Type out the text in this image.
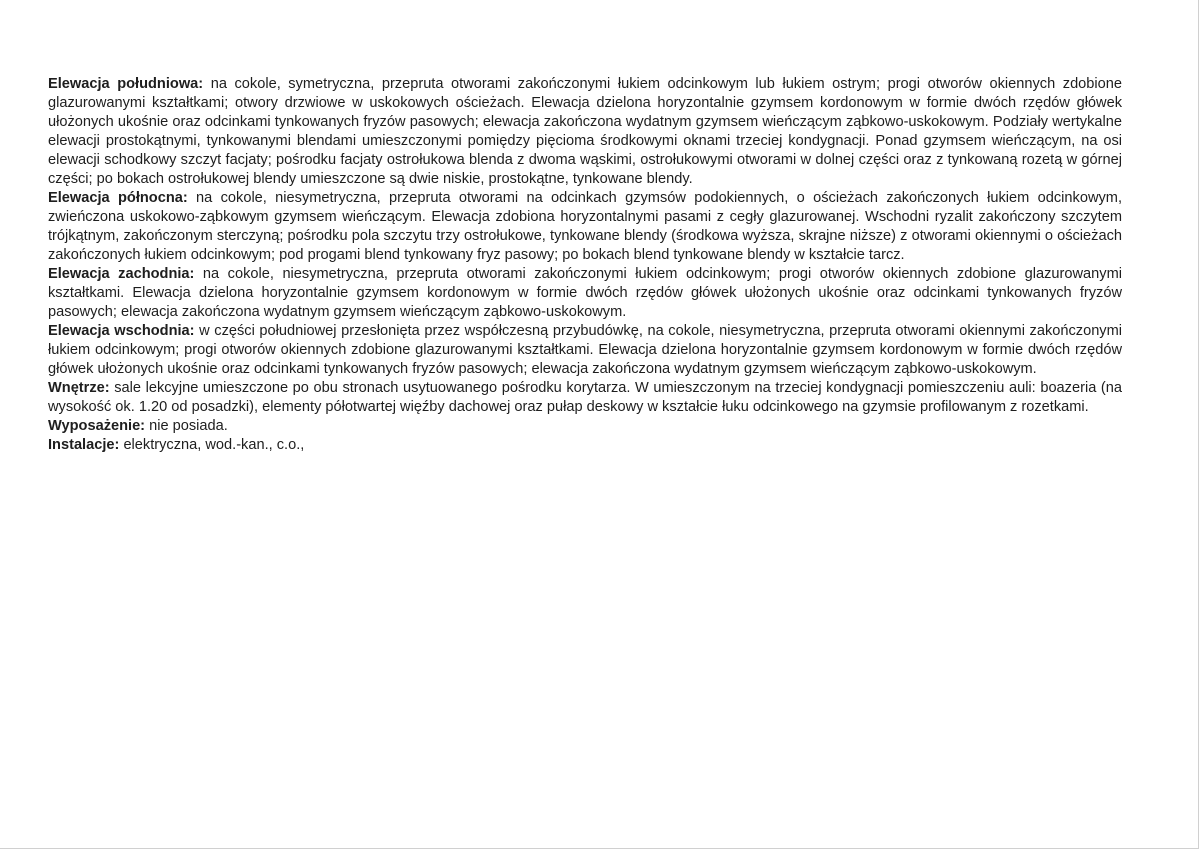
Elewacja południowa: na cokole, symetryczna, przepruta otworami zakończonymi łukiem odcinkowym lub łukiem ostrym; progi otworów okiennych zdobione glazurowanymi kształtkami; otwory drzwiowe w uskokowych ościeżach. Elewacja dzielona horyzontalnie gzymsem kordonowym w formie dwóch rzędów główek ułożonych ukośnie oraz odcinkami tynkowanych fryzów pasowych; elewacja zakończona wydatnym gzymsem wieńczącym ząbkowo-uskokowym. Podziały wertykalne elewacji prostokątnymi, tynkowanymi blendami umieszczonymi pomiędzy pięcioma środkowymi oknami trzeciej kondygnacji. Ponad gzymsem wieńczącym, na osi elewacji schodkowy szczyt facjaty; pośrodku facjaty ostrołukowa blenda z dwoma wąskimi, ostrołukowymi otworami w dolnej części oraz z tynkowaną rozetą w górnej części; po bokach ostrołukowej blendy umieszczone są dwie niskie, prostokątne, tynkowane blendy.

Elewacja północna: na cokole, niesymetryczna, przepruta otworami na odcinkach gzymsów podokiennych, o ościeżach zakończonych łukiem odcinkowym, zwieńczona uskokowo-ząbkowym gzymsem wieńczącym. Elewacja zdobiona horyzontalnymi pasami z cegły glazurowanej. Wschodni ryzalit zakończony szczytem trójkątnym, zakończonym sterczyną; pośrodku pola szczytu trzy ostrołukowe, tynkowane blendy (środkowa wyższa, skrajne niższe) z otworami okiennymi o ościeżach zakończonych łukiem odcinkowym; pod progami blend tynkowany fryz pasowy; po bokach blend tynkowane blendy w kształcie tarcz.

Elewacja zachodnia: na cokole, niesymetryczna, przepruta otworami zakończonymi łukiem odcinkowym; progi otworów okiennych zdobione glazurowanymi kształtkami. Elewacja dzielona horyzontalnie gzymsem kordonowym w formie dwóch rzędów główek ułożonych ukośnie oraz odcinkami tynkowanych fryzów pasowych; elewacja zakończona wydatnym gzymsem wieńczącym ząbkowo-uskokowym.

Elewacja wschodnia: w części południowej przesłonięta przez współczesną przybudówkę, na cokole, niesymetryczna, przepruta otworami okiennymi zakończonymi łukiem odcinkowym; progi otworów okiennych zdobione glazurowanymi kształtkami. Elewacja dzielona horyzontalnie gzymsem kordonowym w formie dwóch rzędów główek ułożonych ukośnie oraz odcinkami tynkowanych fryzów pasowych; elewacja zakończona wydatnym gzymsem wieńczącym ząbkowo-uskokowym.

Wnętrze: sale lekcyjne umieszczone po obu stronach usytuowanego pośrodku korytarza. W umieszczonym na trzeciej kondygnacji pomieszczeniu auli: boazeria (na wysokość ok. 1.20 od posadzki), elementy półotwartej więźby dachowej oraz pułap deskowy w kształcie łuku odcinkowego na gzymsie profilowanym z rozetkami.

Wyposażenie: nie posiada.

Instalacje: elektryczna, wod.-kan., c.o.,
